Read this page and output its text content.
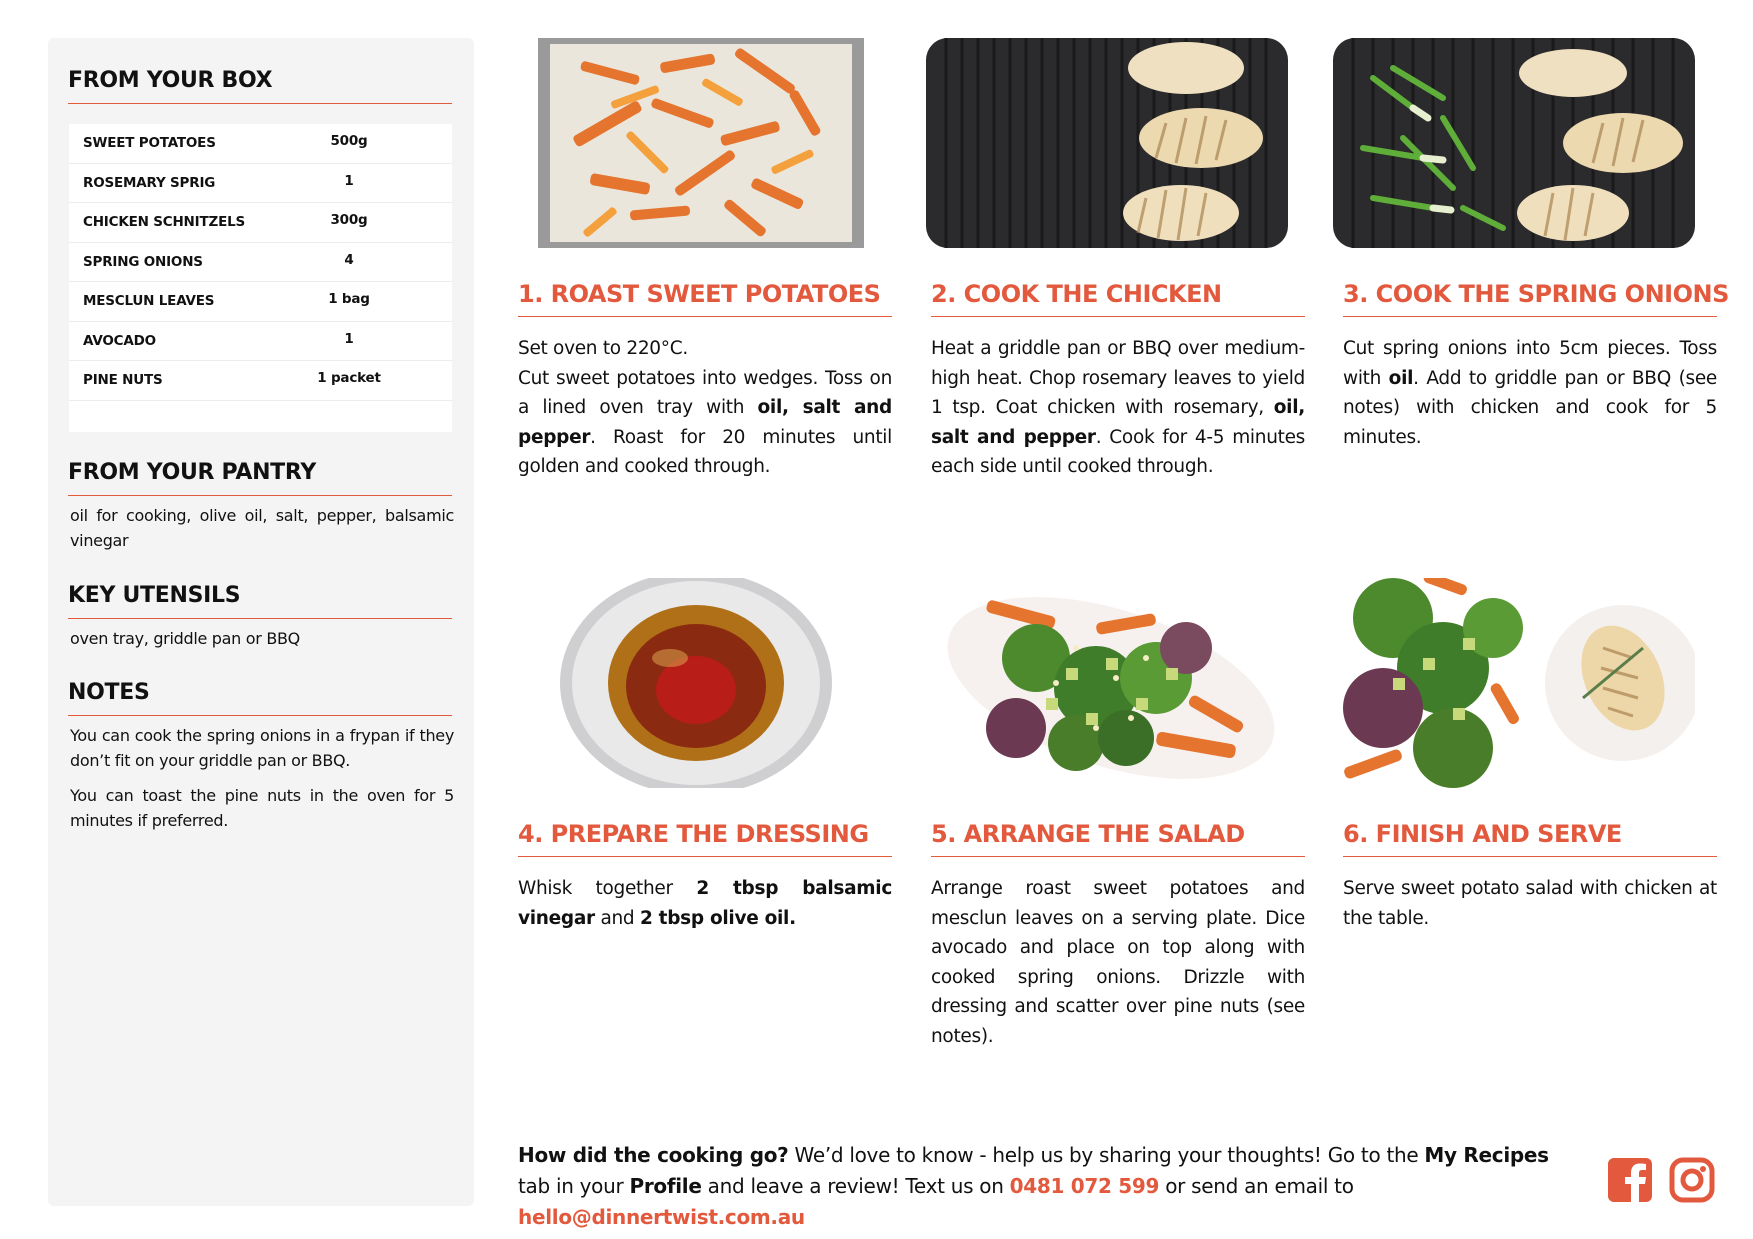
FROM YOUR BOX
SWEET POTATOES	500g
ROSEMARY SPRIG	1
CHICKEN SCHNITZELS	300g
SPRING ONIONS	4
MESCLUN LEAVES	1 bag
AVOCADO	1
PINE NUTS	1 packet
FROM YOUR PANTRY
oil for cooking, olive oil, salt, pepper, balsamic vinegar
KEY UTENSILS
oven tray, griddle pan or BBQ
NOTES
You can cook the spring onions in a frypan if they don’t fit on your griddle pan or BBQ.
You can toast the pine nuts in the oven for 5 minutes if preferred.
1. ROAST SWEET POTATOES
Set oven to 220°C.
Cut sweet potatoes into wedges. Toss on a lined oven tray with oil, salt and pepper. Roast for 20 minutes until golden and cooked through.
2. COOK THE CHICKEN
Heat a griddle pan or BBQ over medium-high heat. Chop rosemary leaves to yield 1 tsp. Coat chicken with rosemary, oil, salt and pepper. Cook for 4-5 minutes each side until cooked through.
3. COOK THE SPRING ONIONS
Cut spring onions into 5cm pieces. Toss with oil. Add to griddle pan or BBQ (see notes) with chicken and cook for 5 minutes.
4. PREPARE THE DRESSING
Whisk together 2 tbsp balsamic vinegar and 2 tbsp olive oil.
5. ARRANGE THE SALAD
Arrange roast sweet potatoes and mesclun leaves on a serving plate. Dice avocado and place on top along with cooked spring onions. Drizzle with dressing and scatter over pine nuts (see notes).
6. FINISH AND SERVE
Serve sweet potato salad with chicken at the table.
How did the cooking go? We’d love to know - help us by sharing your thoughts! Go to the My Recipes tab in your Profile and leave a review! Text us on 0481 072 599 or send an email to hello@dinnertwist.com.au
